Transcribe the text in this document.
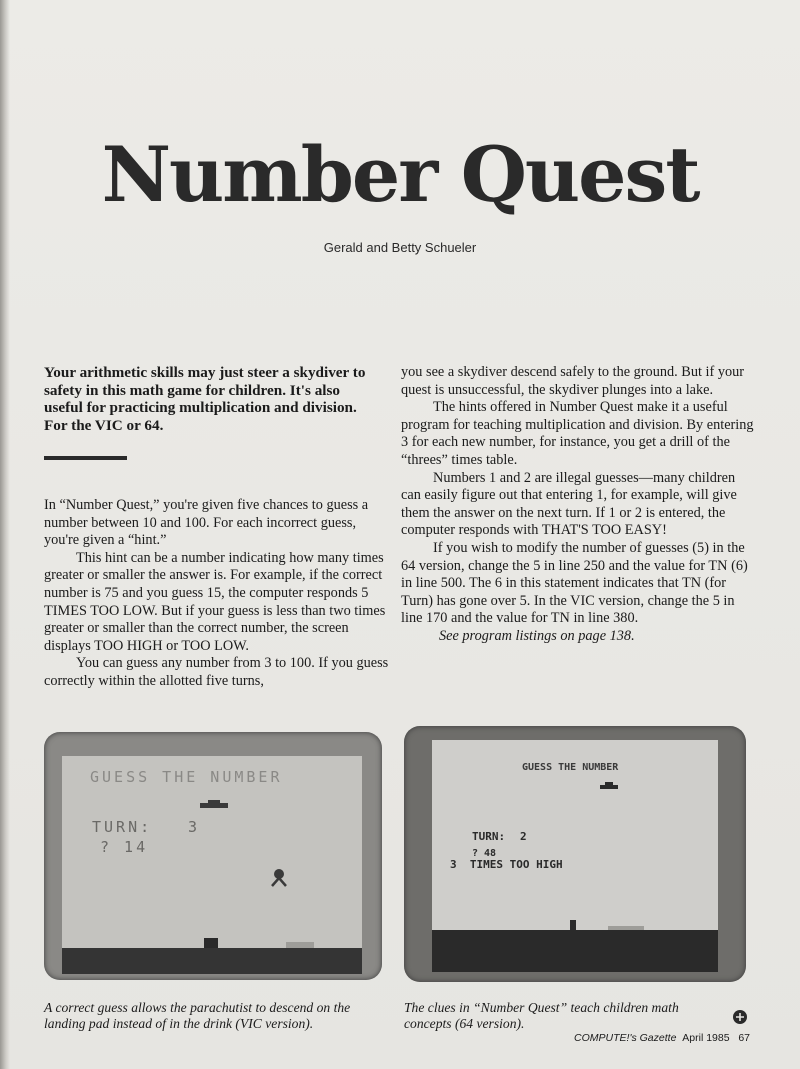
Number Quest
Gerald and Betty Schueler
Your arithmetic skills may just steer a skydiver to safety in this math game for children. It's also useful for practicing multiplication and division. For the VIC or 64.

In “Number Quest,” you're given five chances to guess a number between 10 and 100. For each incorrect guess, you're given a “hint.”

This hint can be a number indicating how many times greater or smaller the answer is. For example, if the correct number is 75 and you guess 15, the computer responds 5 TIMES TOO LOW. But if your guess is less than two times greater or smaller than the correct number, the screen displays TOO HIGH or TOO LOW.

You can guess any number from 3 to 100. If you guess correctly within the allotted five turns,

you see a skydiver descend safely to the ground. But if your quest is unsuccessful, the skydiver plunges into a lake.

The hints offered in Number Quest make it a useful program for teaching multiplication and division. By entering 3 for each new number, for instance, you get a drill of the “threes” times table.

Numbers 1 and 2 are illegal guesses—many children can easily figure out that entering 1, for example, will give them the answer on the next turn. If 1 or 2 is entered, the computer responds with THAT'S TOO EASY!

If you wish to modify the number of guesses (5) in the 64 version, change the 5 in line 250 and the value for TN (6) in line 500. The 6 in this statement indicates that TN (for Turn) has gone over 5. In the VIC version, change the 5 in line 170 and the value for TN in line 380.

See program listings on page 138.

GUESS THE NUMBER
TURN: 3
? 14
GUESS THE NUMBER
TURN: 2
? 48
3  TIMES TOO HIGH
A correct guess allows the parachutist to descend on the landing pad instead of in the drink (VIC version).
The clues in “Number Quest” teach children math concepts (64 version).
COMPUTE!'s Gazette April 1985 67
